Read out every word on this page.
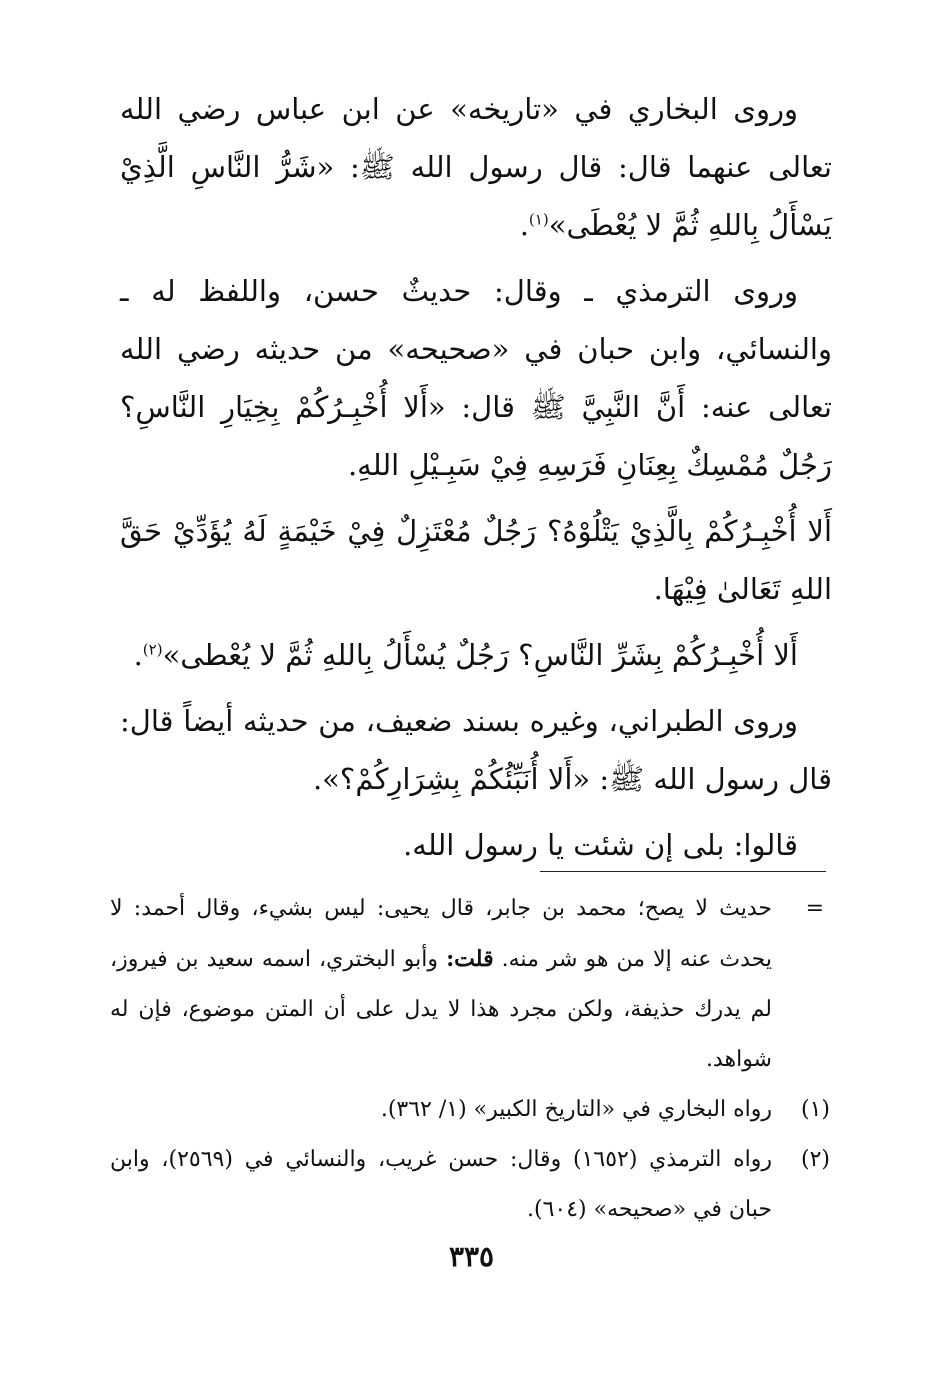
وروى البخاري في «تاريخه» عن ابن عباس رضي الله تعالى عنهما قال: قال رسول الله ﷺ: «شَرُّ النَّاسِ الَّذِيْ يَسْأَلُ بِاللهِ ثُمَّ لا يُعْطَى»$^{(١)}$.

وروى الترمذي ـ وقال: حديثٌ حسن، واللفظ له ـ والنسائي، وابن حبان في «صحيحه» من حديثه رضي الله تعالى عنه: أَنَّ النَّبِيَّ ﷺ قال: «أَلا أُخْبِـرُكُمْ بِخِيَارِ النَّاسِ؟ رَجُلٌ مُمْسِكٌ بِعِنَانِ فَرَسِهِ فِيْ سَبِـيْلِ اللهِ.

أَلا أُخْبِـرُكُمْ بِالَّذِيْ يَتْلُوْهُ؟ رَجُلٌ مُعْتَزِلٌ فِيْ خَيْمَةٍ لَهُ يُؤَدِّيْ حَقَّ اللهِ تَعَالىٰ فِيْهَا.

أَلا أُخْبِـرُكُمْ بِشَرِّ النَّاسِ؟ رَجُلٌ يُسْأَلُ بِاللهِ ثُمَّ لا يُعْطى»$^{(٢)}$.

وروى الطبراني، وغيره بسند ضعيف، من حديثه أيضاً قال: قال رسول الله ﷺ: «أَلا أُنَبِّئُكُمْ بِشِرَارِكُمْ؟».

قالوا: بلى إن شئت يا رسول الله.

=
حديث لا يصح؛ محمد بن جابر، قال يحيى: ليس بشيء، وقال أحمد: لا يحدث عنه إلا من هو شر منه. قلت: وأبو البختري، اسمه سعيد بن فيروز، لم يدرك حذيفة، ولكن مجرد هذا لا يدل على أن المتن موضوع، فإن له شواهد.

(١)
رواه البخاري في «التاريخ الكبير» (١/ ٣٦٢).

(٢)
رواه الترمذي (١٦٥٢) وقال: حسن غريب، والنسائي في (٢٥٦٩)، وابن حبان في «صحيحه» (٦٠٤).

٣٣٥
